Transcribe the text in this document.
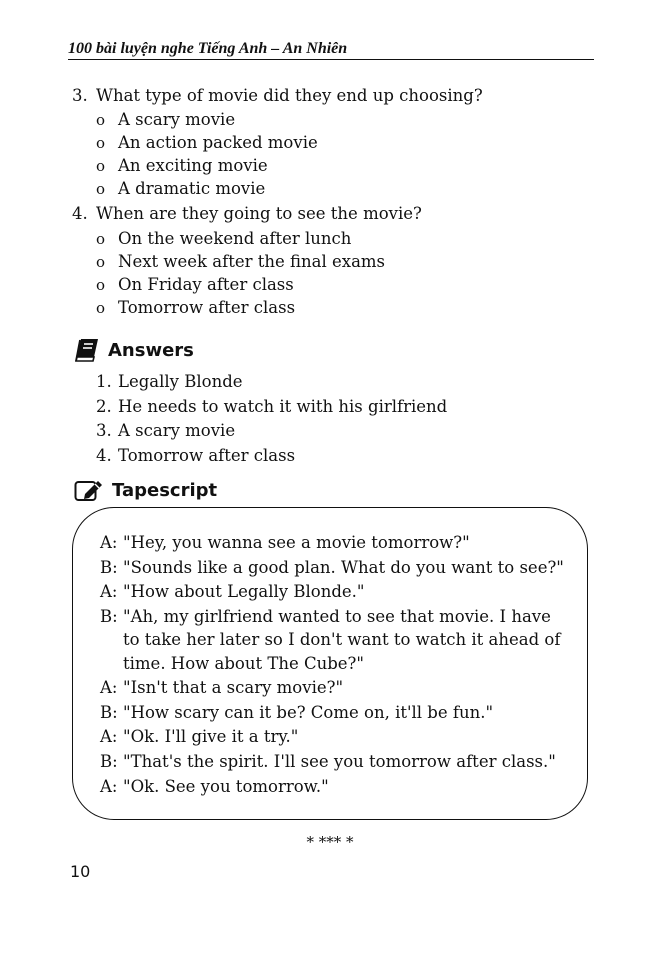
100 bài luyện nghe Tiếng Anh – An Nhiên
3. What type of movie did they end up choosing?
o A scary movie
o An action packed movie
o An exciting movie
o A dramatic movie
4. When are they going to see the movie?
o On the weekend after lunch
o Next week after the final exams
o On Friday after class
o Tomorrow after class
Answers
1. Legally Blonde
2. He needs to watch it with his girlfriend
3. A scary movie
4. Tomorrow after class
Tapescript
A: "Hey, you wanna see a movie tomorrow?"
B: "Sounds like a good plan. What do you want to see?"
A: "How about Legally Blonde."
B: "Ah, my girlfriend wanted to see that movie. I have
to take her later so I don't want to watch it ahead of
time. How about The Cube?"
A: "Isn't that a scary movie?"
B: "How scary can it be? Come on, it'll be fun."
A: "Ok. I'll give it a try."
B: "That's the spirit. I'll see you tomorrow after class."
A: "Ok. See you tomorrow."
* *** *
10
